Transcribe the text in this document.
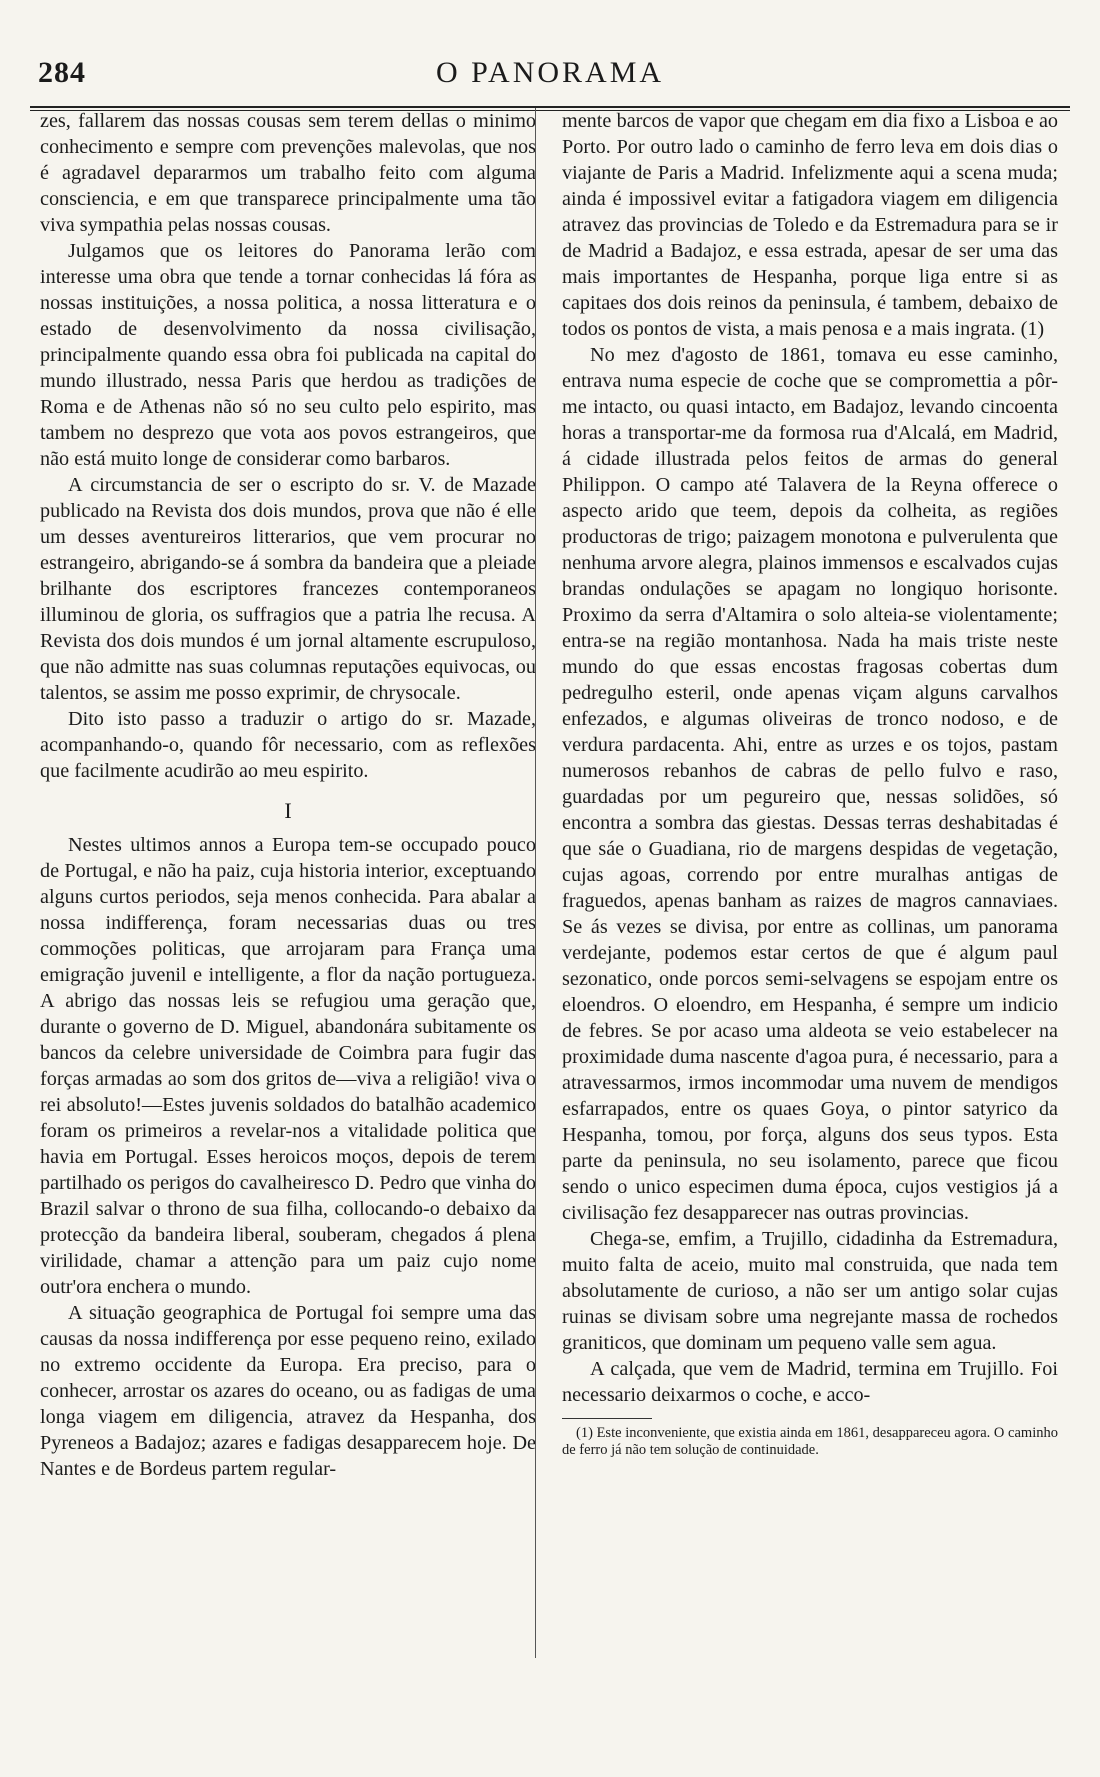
284	O PANORAMA

zes, fallarem das nossas cousas sem terem dellas o minimo conhecimento e sempre com prevenções malevolas, que nos é agradavel depararmos um trabalho feito com alguma consciencia, e em que transparece principalmente uma tão viva sympathia pelas nossas cousas.

Julgamos que os leitores do Panorama lerão com interesse uma obra que tende a tornar conhecidas lá fóra as nossas instituições, a nossa politica, a nossa litteratura e o estado de desenvolvimento da nossa civilisação, principalmente quando essa obra foi publicada na capital do mundo illustrado, nessa Paris que herdou as tradições de Roma e de Athenas não só no seu culto pelo espirito, mas tambem no desprezo que vota aos povos estrangeiros, que não está muito longe de considerar como barbaros.

A circumstancia de ser o escripto do sr. V. de Mazade publicado na Revista dos dois mundos, prova que não é elle um desses aventureiros litterarios, que vem procurar no estrangeiro, abrigando-se á sombra da bandeira que a pleiade brilhante dos escriptores francezes contemporaneos illuminou de gloria, os suffragios que a patria lhe recusa. A Revista dos dois mundos é um jornal altamente escrupuloso, que não admitte nas suas columnas reputações equivocas, ou talentos, se assim me posso exprimir, de chrysocale.

Dito isto passo a traduzir o artigo do sr. Mazade, acompanhando-o, quando fôr necessario, com as reflexões que facilmente acudirão ao meu espirito.

I

Nestes ultimos annos a Europa tem-se occupado pouco de Portugal, e não ha paiz, cuja historia interior, exceptuando alguns curtos periodos, seja menos conhecida. Para abalar a nossa indifferença, foram necessarias duas ou tres commoções politicas, que arrojaram para França uma emigração juvenil e intelligente, a flor da nação portugueza. A abrigo das nossas leis se refugiou uma geração que, durante o governo de D. Miguel, abandonára subitamente os bancos da celebre universidade de Coimbra para fugir das forças armadas ao som dos gritos de—viva a religião! viva o rei absoluto!—Estes juvenis soldados do batalhão academico foram os primeiros a revelar-nos a vitalidade politica que havia em Portugal. Esses heroicos moços, depois de terem partilhado os perigos do cavalheiresco D. Pedro que vinha do Brazil salvar o throno de sua filha, collocando-o debaixo da protecção da bandeira liberal, souberam, chegados á plena virilidade, chamar a attenção para um paiz cujo nome outr'ora enchera o mundo.

A situação geographica de Portugal foi sempre uma das causas da nossa indifferença por esse pequeno reino, exilado no extremo occidente da Europa. Era preciso, para o conhecer, arrostar os azares do oceano, ou as fadigas de uma longa viagem em diligencia, atravez da Hespanha, dos Pyreneos a Badajoz; azares e fadigas desapparecem hoje. De Nantes e de Bordeus partem regular-

mente barcos de vapor que chegam em dia fixo a Lisboa e ao Porto. Por outro lado o caminho de ferro leva em dois dias o viajante de Paris a Madrid. Infelizmente aqui a scena muda; ainda é impossivel evitar a fatigadora viagem em diligencia atravez das provincias de Toledo e da Estremadura para se ir de Madrid a Badajoz, e essa estrada, apesar de ser uma das mais importantes de Hespanha, porque liga entre si as capitaes dos dois reinos da peninsula, é tambem, debaixo de todos os pontos de vista, a mais penosa e a mais ingrata. (1)

No mez d'agosto de 1861, tomava eu esse caminho, entrava numa especie de coche que se compromettia a pôr-me intacto, ou quasi intacto, em Badajoz, levando cincoenta horas a transportar-me da formosa rua d'Alcalá, em Madrid, á cidade illustrada pelos feitos de armas do general Philippon. O campo até Talavera de la Reyna offerece o aspecto arido que teem, depois da colheita, as regiões productoras de trigo; paizagem monotona e pulverulenta que nenhuma arvore alegra, plainos immensos e escalvados cujas brandas ondulações se apagam no longiquo horisonte. Proximo da serra d'Altamira o solo alteia-se violentamente; entra-se na região montanhosa. Nada ha mais triste neste mundo do que essas encostas fragosas cobertas dum pedregulho esteril, onde apenas viçam alguns carvalhos enfezados, e algumas oliveiras de tronco nodoso, e de verdura pardacenta. Ahi, entre as urzes e os tojos, pastam numerosos rebanhos de cabras de pello fulvo e raso, guardadas por um pegureiro que, nessas solidões, só encontra a sombra das giestas. Dessas terras deshabitadas é que sáe o Guadiana, rio de margens despidas de vegetação, cujas agoas, correndo por entre muralhas antigas de fraguedos, apenas banham as raizes de magros cannaviaes. Se ás vezes se divisa, por entre as collinas, um panorama verdejante, podemos estar certos de que é algum paul sezonatico, onde porcos semi-selvagens se espojam entre os eloendros. O eloendro, em Hespanha, é sempre um indicio de febres. Se por acaso uma aldeota se veio estabelecer na proximidade duma nascente d'agoa pura, é necessario, para a atravessarmos, irmos incommodar uma nuvem de mendigos esfarrapados, entre os quaes Goya, o pintor satyrico da Hespanha, tomou, por força, alguns dos seus typos. Esta parte da peninsula, no seu isolamento, parece que ficou sendo o unico especimen duma época, cujos vestigios já a civilisação fez desapparecer nas outras provincias.

Chega-se, emfim, a Trujillo, cidadinha da Estremadura, muito falta de aceio, muito mal construida, que nada tem absolutamente de curioso, a não ser um antigo solar cujas ruinas se divisam sobre uma negrejante massa de rochedos graniticos, que dominam um pequeno valle sem agua.

A calçada, que vem de Madrid, termina em Trujillo. Foi necessario deixarmos o coche, e acco-

(1) Este inconveniente, que existia ainda em 1861, desappareceu agora. O caminho de ferro já não tem solução de continuidade.
